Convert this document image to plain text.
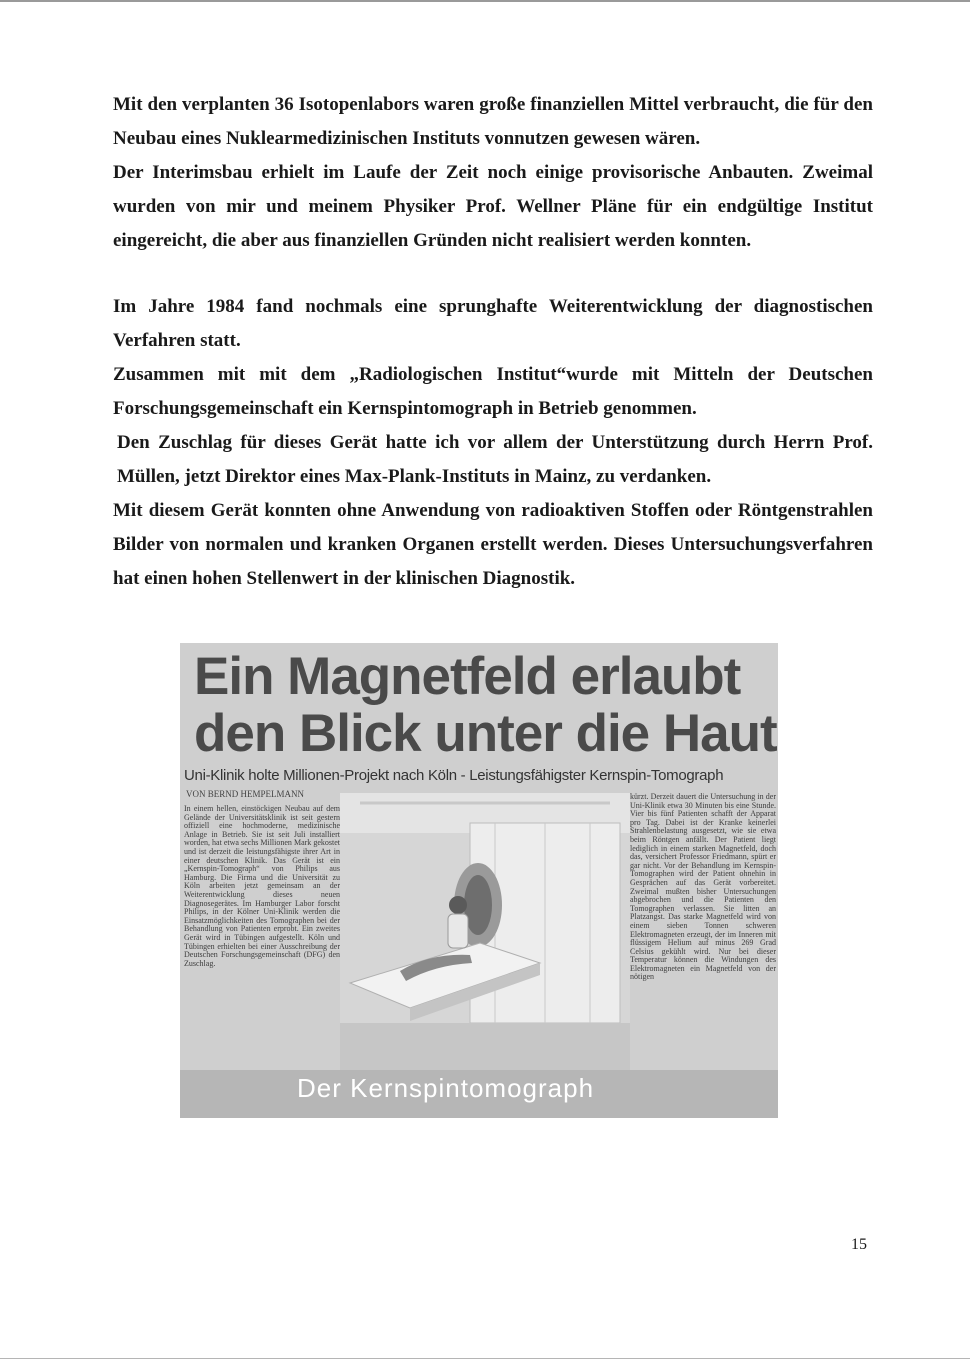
Mit den verplanten 36 Isotopenlabors waren große finanziellen Mittel verbraucht, die für den Neubau eines Nuklearmedizinischen Instituts vonnutzen gewesen wären.

Der Interimsbau erhielt im Laufe der Zeit noch einige provisorische Anbauten. Zweimal wurden von mir und meinem Physiker Prof. Wellner Pläne für ein endgültige Institut eingereicht, die aber aus finanziellen Gründen nicht realisiert werden konnten.

Im Jahre 1984 fand nochmals eine sprunghafte Weiterentwicklung der diagnostischen Verfahren statt.

Zusammen mit mit dem „Radiologischen Institut“wurde mit Mitteln der Deutschen Forschungsgemeinschaft ein Kernspintomograph in Betrieb genommen.

Den Zuschlag für dieses Gerät hatte ich vor allem der Unterstützung durch Herrn Prof. Müllen, jetzt Direktor eines Max-Plank-Instituts in Mainz, zu verdanken.

Mit diesem Gerät konnten ohne Anwendung von radioaktiven Stoffen oder Röntgenstrahlen Bilder von normalen und kranken Organen erstellt werden. Dieses Untersuchungsverfahren hat einen hohen Stellenwert in der klinischen Diagnostik.

Ein Magnetfeld erlaubt

den Blick unter die Haut

Uni-Klinik holte Millionen-Projekt nach Köln - Leistungsfähigster Kernspin-Tomograph

VON BERND HEMPELMANN
In einem hellen, einstöckigen Neubau auf dem Gelände der Universitätsklinik ist seit gestern offiziell eine hochmoderne, medizinische Anlage in Betrieb. Sie ist seit Juli installiert worden, hat etwa sechs Millionen Mark gekostet und ist derzeit die leistungsfähigste ihrer Art in einer deutschen Klinik. Das Gerät ist ein „Kernspin-Tomograph“ von Philips aus Hamburg. Die Firma und die Universität zu Köln arbeiten jetzt gemeinsam an der Weiterentwicklung dieses neuen Diagnosegerätes. Im Hamburger Labor forscht Philips, in der Kölner Uni-Klinik werden die Einsatzmöglichkeiten des Tomographen bei der Behandlung von Patienten erprobt. Ein zweites Gerät wird in Tübingen aufgestellt. Köln und Tübingen erhielten bei einer Ausschreibung der Deutschen Forschungsgemeinschaft (DFG) den Zuschlag.
kürzt. Derzeit dauert die Untersuchung in der Uni-Klinik etwa 30 Minuten bis eine Stunde. Vier bis fünf Patienten schafft der Apparat pro Tag. Dabei ist der Kranke keinerlei Strahlenbelastung ausgesetzt, wie sie etwa beim Röntgen anfällt. Der Patient liegt lediglich in einem starken Magnetfeld, doch das, versichert Professor Friedmann, spürt er gar nicht. Vor der Behandlung im Kernspin-Tomographen wird der Patient ohnehin in Gesprächen auf das Gerät vorbereitet. Zweimal mußten bisher Untersuchungen abgebrochen und die Patienten den Tomographen verlassen. Sie litten an Platzangst. Das starke Magnetfeld wird von einem sieben Tonnen schweren Elektromagneten erzeugt, der im Inneren mit flüssigem Helium auf minus 269 Grad Celsius gekühlt wird. Nur bei dieser Temperatur können die Windungen des Elektromagneten ein Magnetfeld von der nötigen

Der Kernspintomograph

15
